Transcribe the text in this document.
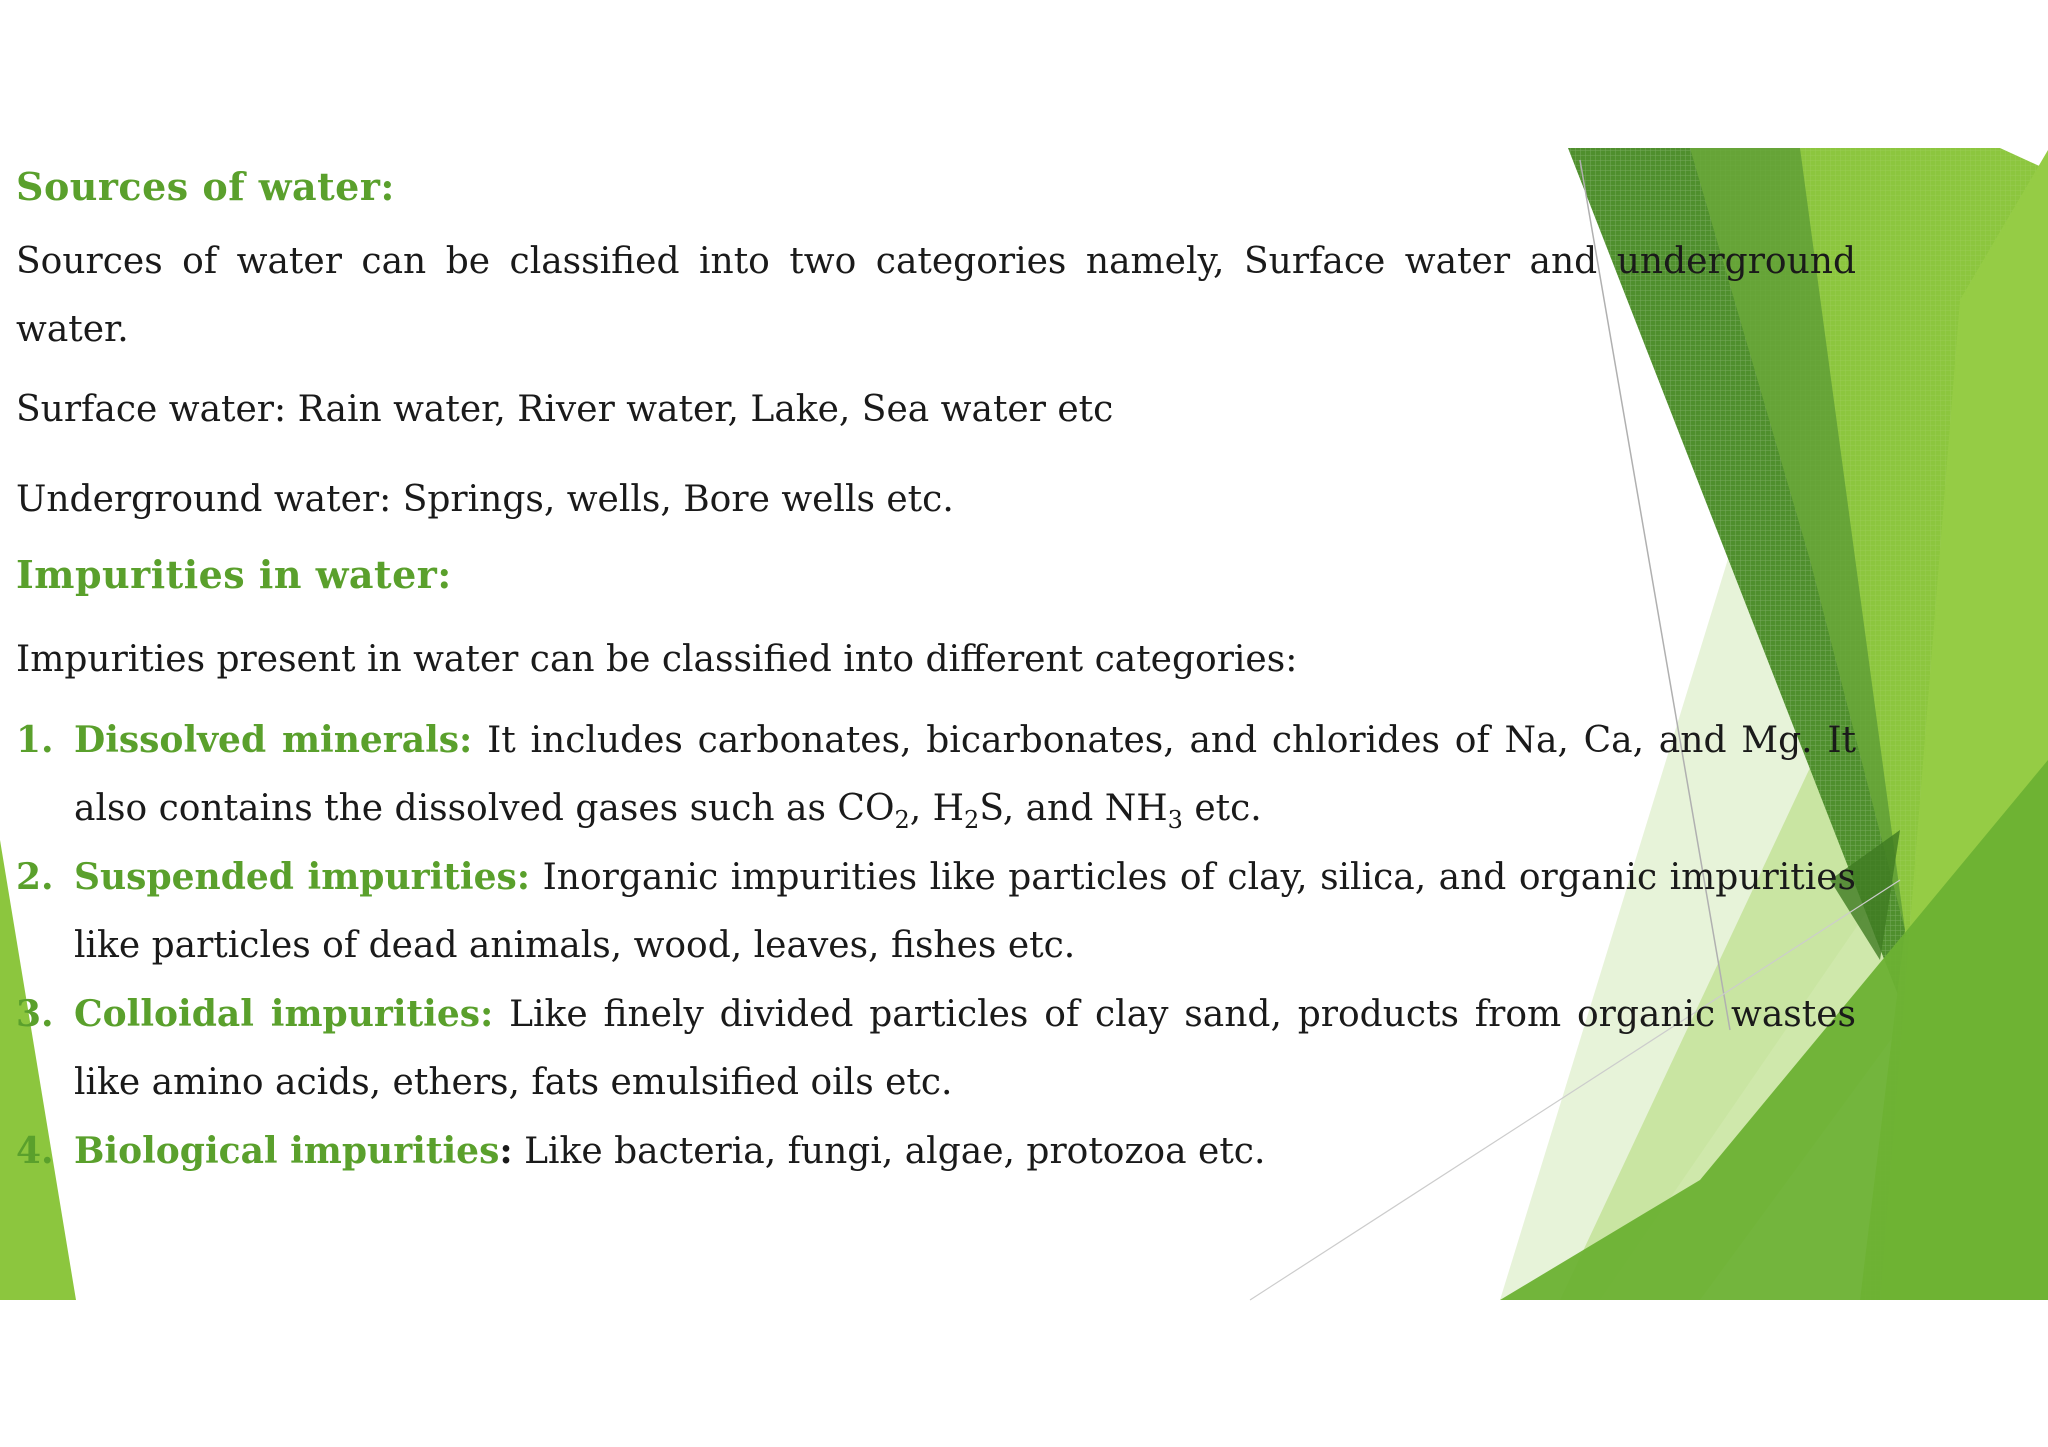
Sources of water:

Sources of water can be classified into two categories namely, Surface water and underground water.

Surface water: Rain water, River water, Lake, Sea water etc

Underground water: Springs, wells, Bore wells etc.

Impurities in water:

Impurities present in water can be classified into different categories:

1. Dissolved minerals: It includes carbonates, bicarbonates, and chlorides of Na, Ca, and Mg. It also contains the dissolved gases such as $CO_2$, $H_2S$, and $NH_3$ etc.
2. Suspended impurities: Inorganic impurities like particles of clay, silica, and organic impurities like particles of dead animals, wood, leaves, fishes etc.
3. Colloidal impurities: Like finely divided particles of clay sand, products from organic wastes like amino acids, ethers, fats emulsified oils etc.
4. Biological impurities: Like bacteria, fungi, algae, protozoa etc.
